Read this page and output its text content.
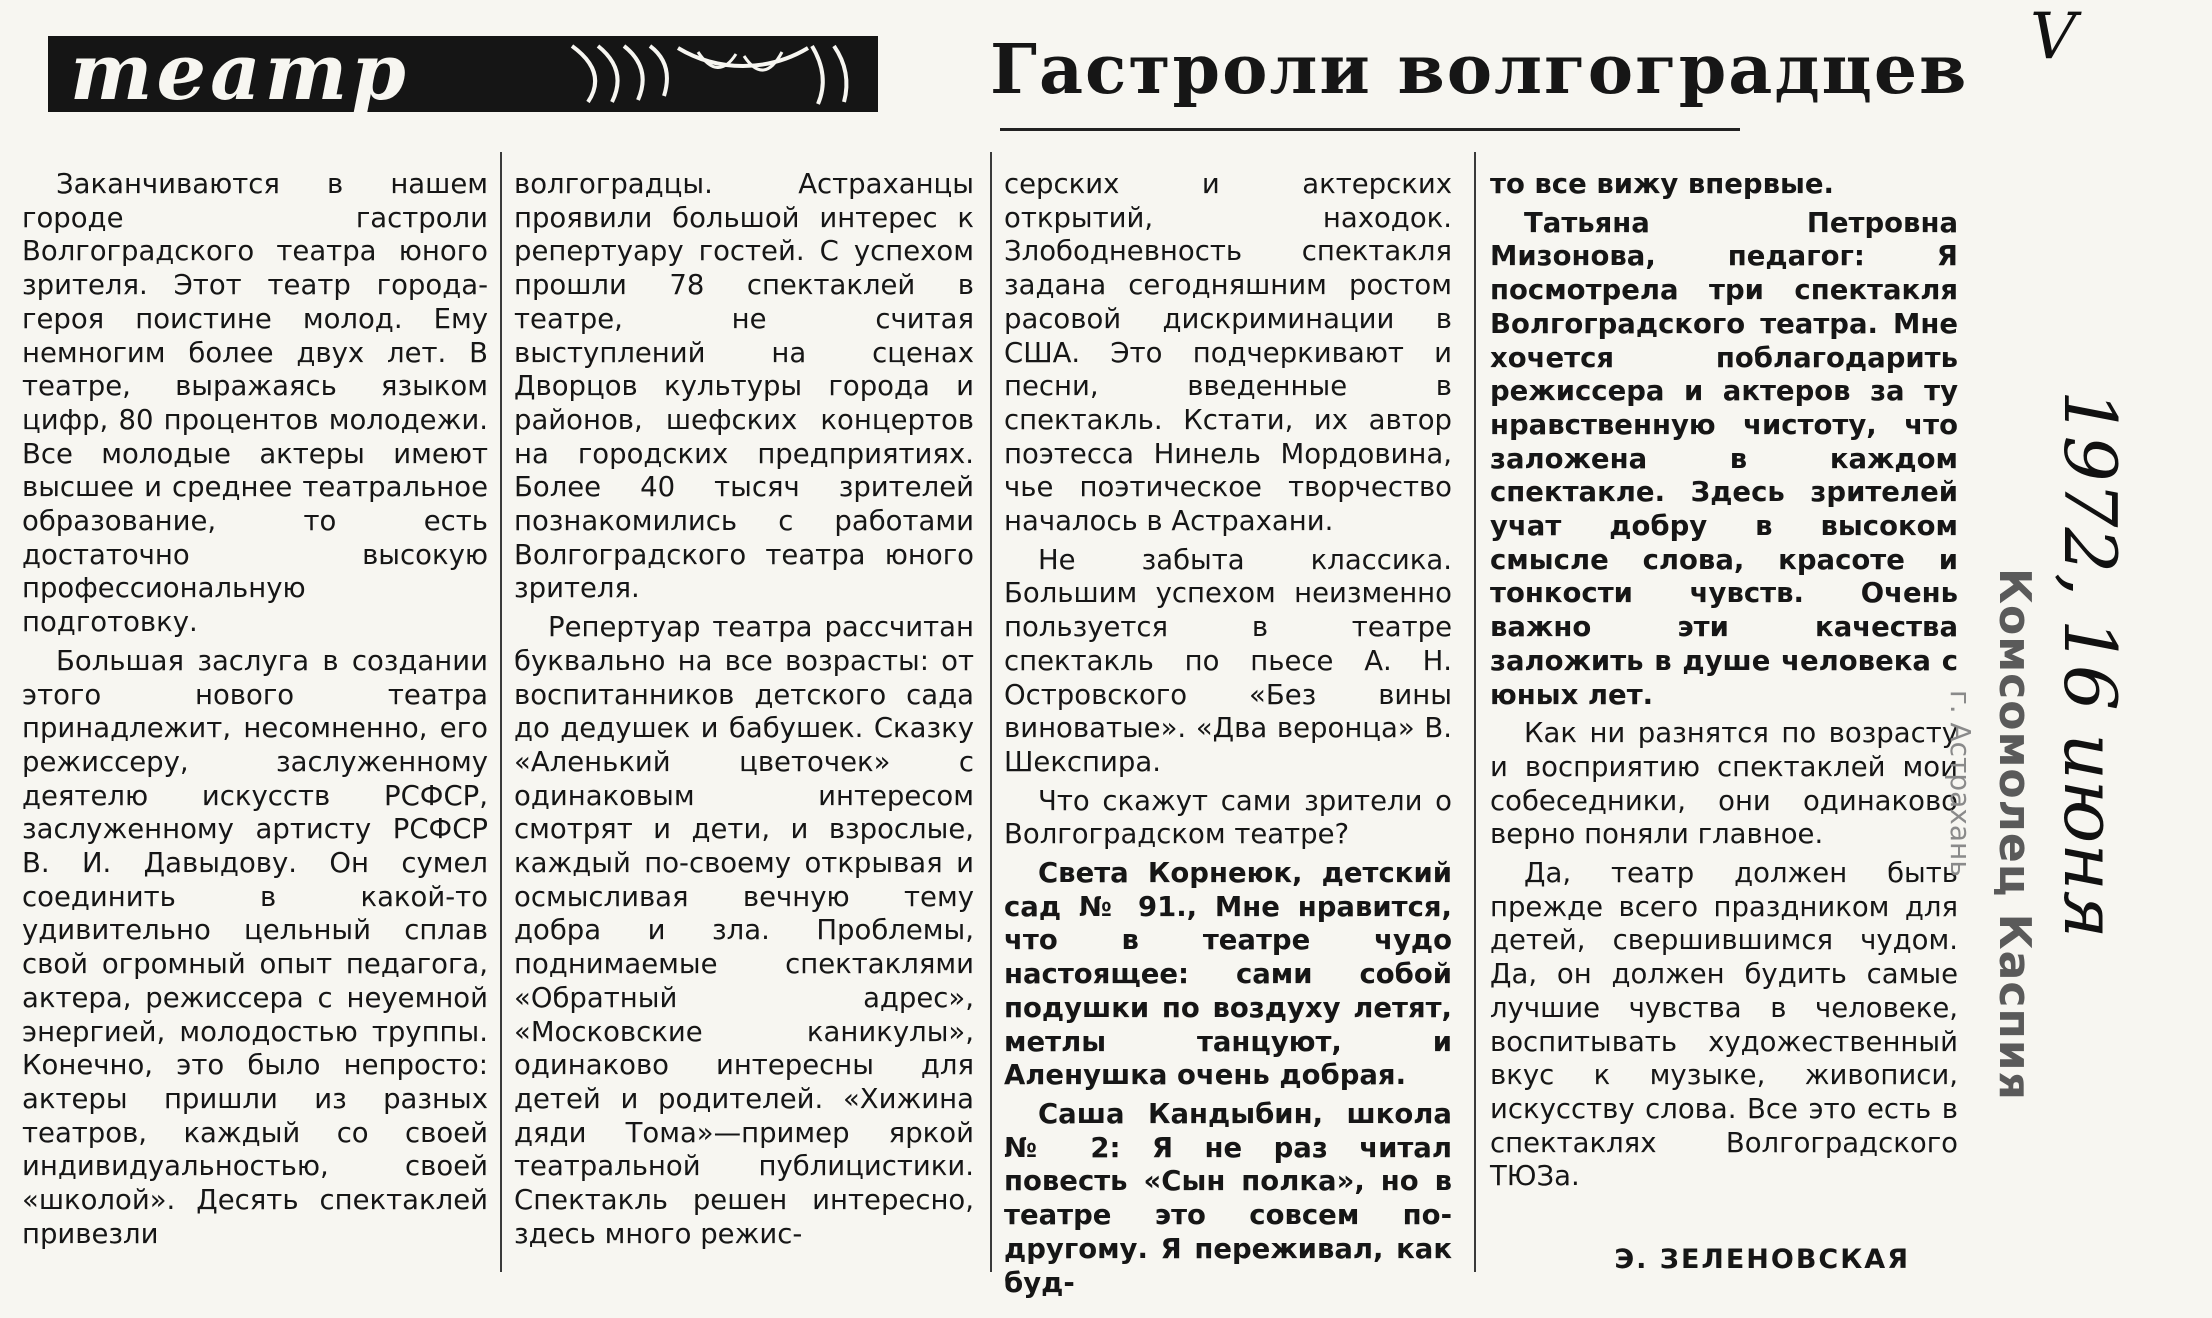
театр	Гастроли волгоградцев

Заканчиваются в нашем городе гастроли Волгоградского театра юного зрителя. Этот театр города-героя поистине молод. Ему немногим более двух лет. В театре, выражаясь языком цифр, 80 процентов молодежи. Все молодые актеры имеют высшее и среднее театральное образование, то есть достаточно высокую профессиональную подготовку.

Большая заслуга в создании этого нового театра принадлежит, несомненно, его режиссеру, заслуженному деятелю искусств РСФСР, заслуженному артисту РСФСР В. И. Давыдову. Он сумел соединить в какой-то удивительно цельный сплав свой огромный опыт педагога, актера, режиссера с неуемной энергией, молодостью труппы. Конечно, это было непросто: актеры пришли из разных театров, каждый со своей индивидуальностью, своей «школой». Десять спектаклей привезли

волгоградцы. Астраханцы проявили большой интерес к репертуару гостей. С успехом прошли 78 спектаклей в театре, не считая выступлений на сценах Дворцов культуры города и районов, шефских концертов на городских предприятиях. Более 40 тысяч зрителей познакомились с работами Волгоградского театра юного зрителя.

Репертуар театра рассчитан буквально на все возрасты: от воспитанников детского сада до дедушек и бабушек. Сказку «Аленький цветочек» с одинаковым интересом смотрят и дети, и взрослые, каждый по-своему открывая и осмысливая вечную тему добра и зла. Проблемы, поднимаемые спектаклями «Обратный адрес», «Московские каникулы», одинаково интересны для детей и родителей. «Хижина дяди Тома»—пример яркой театральной публицистики. Спектакль решен интересно, здесь много режис-

серских и актерских открытий, находок. Злободневность спектакля задана сегодняшним ростом расовой дискриминации в США. Это подчеркивают и песни, введенные в спектакль. Кстати, их автор поэтесса Нинель Мордовина, чье поэтическое творчество началось в Астрахани.

Не забыта классика. Большим успехом неизменно пользуется в театре спектакль по пьесе А. Н. Островского «Без вины виноватые». «Два веронца» В. Шекспира.

Что скажут сами зрители о Волгоградском театре?

Света Корнеюк, детский сад № 91., Мне нравится, что в театре чудо настоящее: сами собой подушки по воздуху летят, метлы танцуют, и Аленушка очень добрая.

Саша Кандыбин, школа № 2: Я не раз читал повесть «Сын полка», но в театре это совсем по-другому. Я переживал, как буд-

то все вижу впервые.

Татьяна Петровна Мизонова, педагог: Я посмотрела три спектакля Волгоградского театра. Мне хочется поблагодарить режиссера и актеров за ту нравственную чистоту, что заложена в каждом спектакле. Здесь зрителей учат добру в высоком смысле слова, красоте и тонкости чувств. Очень важно эти качества заложить в душе человека с юных лет.

Как ни разнятся по возрасту и восприятию спектаклей мои собеседники, они одинаково верно поняли главное.

Да, театр должен быть прежде всего праздником для детей, свершившимся чудом. Да, он должен будить самые лучшие чувства в человеке, воспитывать художественный вкус к музыке, живописи, искусству слова. Все это есть в спектаклях Волгоградского ТЮЗа.

Э. ЗЕЛЕНОВСКАЯ
V
1972, 16 июня
Комсомолец Каспия
г. Астрахань
